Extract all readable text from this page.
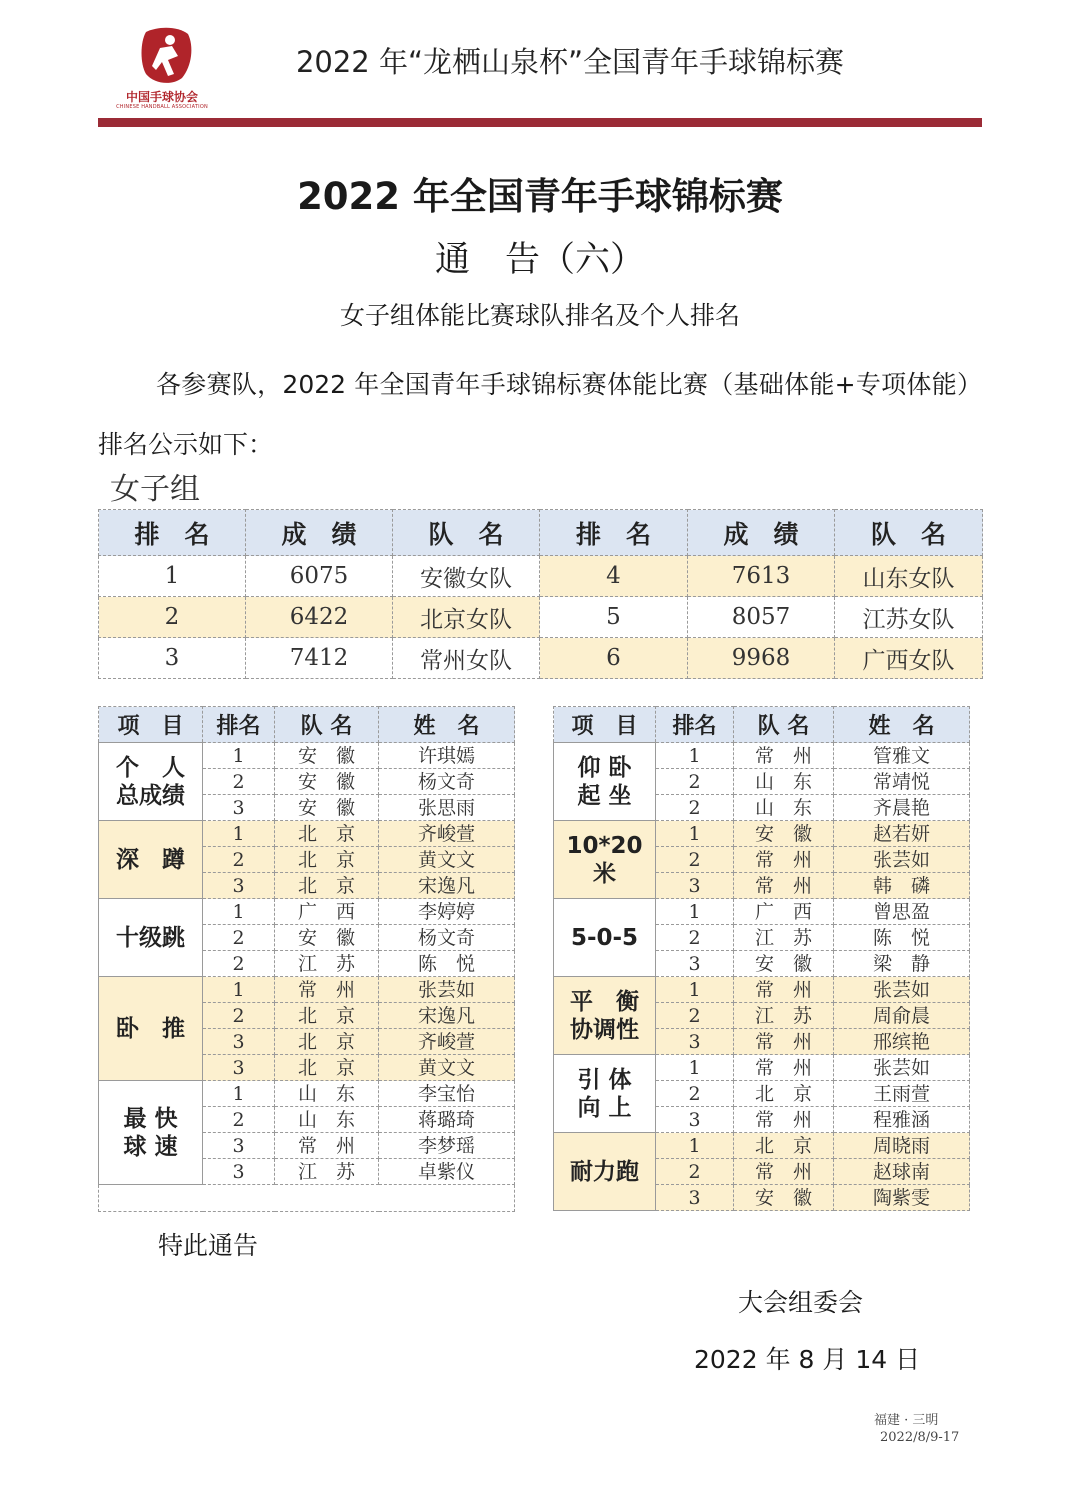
中国手球协会
CHINESE HANDBALL ASSOCIATION
2022 年“龙栖山泉杯”全国青年手球锦标赛
2022 年全国青年手球锦标赛
通　告（六）
女子组体能比赛球队排名及个人排名
各参赛队，2022 年全国青年手球锦标赛体能比赛（基础体能+专项体能）排名公示如下：
女子组
排　名	成　绩	队　名	排　名	成　绩	队　名
1	6075	安徽女队	4	7613	山东女队
2	6422	北京女队	5	8057	江苏女队
3	7412	常州女队	6	9968	广西女队
项　目	排名	队 名	姓　名
个　人
总成绩	1	安　徽	许琪嫣
	2	安　徽	杨文奇
	3	安　徽	张思雨
深　蹲	1	北　京	齐峻萱
	2	北　京	黄文文
	3	北　京	宋逸凡
十级跳	1	广　西	李婷婷
	2	安　徽	杨文奇
	2	江　苏	陈　悦
卧　推	1	常　州	张芸如
	2	北　京	宋逸凡
	3	北　京	齐峻萱
	3	北　京	黄文文
最 快
球 速	1	山　东	李宝怡
	2	山　东	蒋璐琦
	3	常　州	李梦瑶
	3	江　苏	卓紫仪

项　目	排名	队 名	姓　名
仰 卧
起 坐	1	常　州	管雅文
	2	山　东	常靖悦
	2	山　东	齐晨艳
10*20
米	1	安　徽	赵若妍
	2	常　州	张芸如
	3	常　州	韩　磷
5-0-5	1	广　西	曾思盈
	2	江　苏	陈　悦
	3	安　徽	梁　静
平　衡
协调性	1	常　州	张芸如
	2	江　苏	周俞晨
	3	常　州	邢缤艳
引 体
向 上	1	常　州	张芸如
	2	北　京	王雨萱
	3	常　州	程雅涵
耐力跑	1	北　京	周晓雨
	2	常　州	赵球南
	3	安　徽	陶紫雯
特此通告
大会组委会
2022 年 8 月 14 日
福建 · 三明
2022/8/9-17
